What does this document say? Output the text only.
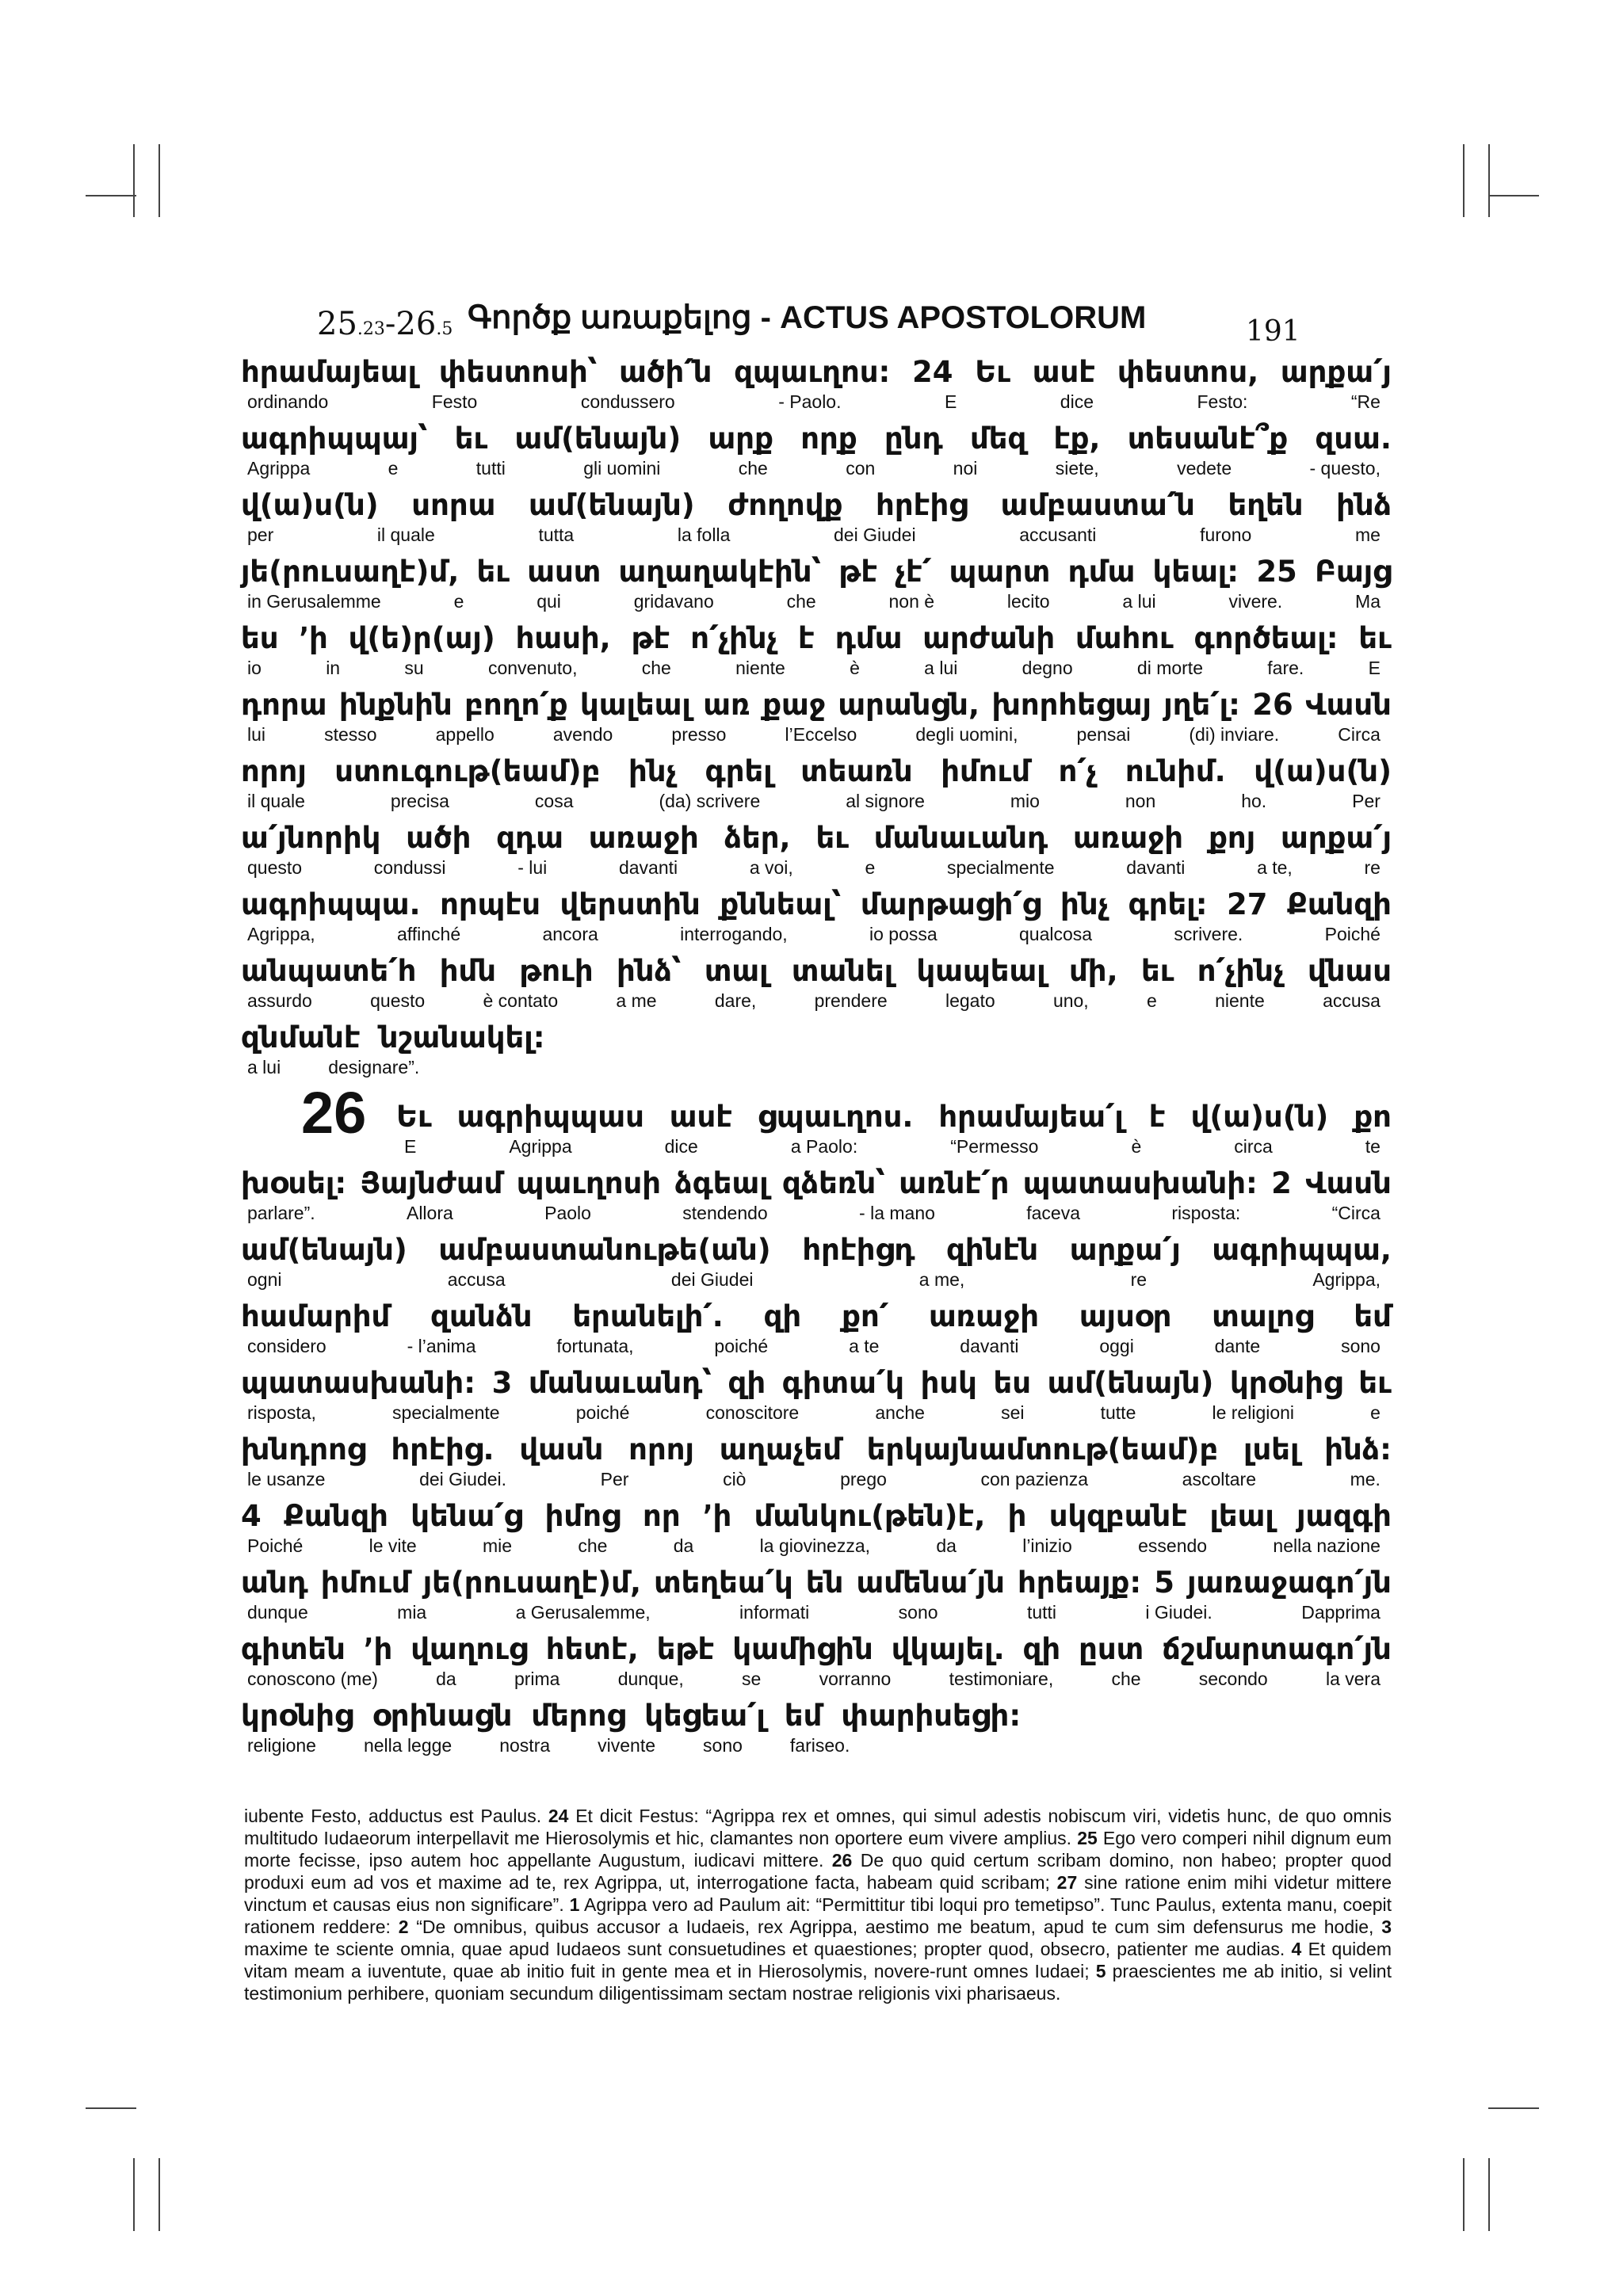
25.23-26.5 Գործք առաքելոց - ACTUS APOSTOLORUM	191
հրամայեալ փեստոսի՝ ածի՛ն զպաւղոս: 24 Եւ ասէ փեստոս, արքա՛յ
ordinando	Festo	condussero	- Paolo.	E	dice	Festo:	“Re
ագրիպպայ՝ եւ ամ(ենայն) արք որք ընդ մեզ էք, տեսանէ՞ք զսա.
Agrippa	e	tutti	gli uomini	che	con	noi	siete,	vedete	- questo,
վ(ա)ս(ն) սորա ամ(ենայն) ժողովք հրէից ամբաստա՛ն եղեն ինձ
per	il quale	tutta	la folla	dei Giudei	accusanti	furono	me
յե(րուսաղէ)մ, եւ աստ աղաղակէին՝ թէ չէ՛ պարտ դմա կեալ: 25 Բայց
in Gerusalemme	e	qui	gridavano	che	non è	lecito	a lui	vivere.	Ma
ես ՚ի վ(ե)ր(այ) հասի, թէ ո՛չինչ է դմա արժանի մահու գործեալ: եւ
io	in	su	convenuto,	che	niente	è	a lui	degno	di morte	fare.	E
դորա ինքնին բողո՛ք կալեալ առ քաջ արանցն, խորհեցայ յղե՛լ: 26 Վասն
lui	stesso	appello	avendo	presso	l’Eccelso	degli uomini,	pensai	(di) inviare.	Circa
որոյ ստուգութ(եամ)բ ինչ գրել տեառն իմում ո՛չ ունիմ. վ(ա)ս(ն)
il quale	precisa	cosa	(da) scrivere	al signore	mio	non	ho.	Per
ա՛յնորիկ ածի զդա առաջի ձեր, եւ մանաւանդ առաջի քոյ արքա՛յ
questo	condussi	- lui	davanti	a voi,	e	specialmente	davanti	a te,	re
ագրիպպա. որպէս վերստին քննեալ՝ մարթացի՛ց ինչ գրել: 27 Քանզի
Agrippa,	affinché	ancora	interrogando,	io possa	qualcosa	scrivere.	Poiché
անպատե՛հ իմն թուի ինձ՝ տալ տանել կապեալ մի, եւ ո՛չինչ վնաս
assurdo	questo	è contato	a me	dare,	prendere	legato	uno,	e	niente	accusa
զնմանէ նշանակել:
a lui	designare”.
26 Եւ ագրիպպաս ասէ ցպաւղոս. հրամայեա՛լ է վ(ա)ս(ն) քո
E	Agrippa	dice	a Paolo:	“Permesso	è	circa	te
խօսել: Յայնժամ պաւղոսի ձգեալ զձեռն՝ առնէ՛ր պատասխանի: 2 Վասն
parlare”.	Allora	Paolo	stendendo	- la mano	faceva	risposta:	“Circa
ամ(ենայն) ամբաստանութե(ան) հրէիցդ զինէն արքա՛յ ագրիպպա,
ogni	accusa	dei Giudei	a me,	re	Agrippa,
համարիմ զանձն երանելի՛. զի քո՛ առաջի այսօր տալոց եմ
considero	- l’anima	fortunata,	poiché	a te	davanti	oggi	dante	sono
պատասխանի: 3 մանաւանդ՝ զի գիտա՛կ իսկ ես ամ(ենայն) կրօնից եւ
risposta,	specialmente	poiché	conoscitore	anche	sei	tutte	le religioni	e
խնդրոց հրէից. վասն որոյ աղաչեմ երկայնամտութ(եամ)բ լսել ինձ:
le usanze	dei Giudei.	Per	ciò	prego	con pazienza	ascoltare	me.
4 Քանզի կենա՛ց իմոց որ ՚ի մանկու(թեն)է, ի սկզբանէ լեալ յազգի
Poiché	le vite	mie	che	da	la giovinezza,	da	l’inizio	essendo	nella nazione
անդ իմում յե(րուսաղէ)մ, տեղեա՛կ են ամենա՛յն հրեայք: 5 յառաջագո՛յն
dunque	mia	a Gerusalemme,	informati	sono	tutti	i Giudei.	Dapprima
գիտեն ՚ի վաղուց հետէ, եթէ կամիցին վկայել. զի ըստ ճշմարտագո՛յն
conoscono (me)	da	prima	dunque,	se	vorranno	testimoniare,	che	secondo	la vera
կրօնից օրինացն մերոց կեցեա՛լ եմ փարիսեցի:
religione	nella legge	nostra	vivente	sono	fariseo.
iubente Festo, adductus est Paulus. 24 Et dicit Festus: “Agrippa rex et omnes, qui simul adestis nobiscum viri, videtis hunc, de quo omnis multitudo Iudaeorum interpellavit me Hierosolymis et hic, clamantes non oportere eum vivere amplius. 25 Ego vero comperi nihil dignum eum morte fecisse, ipso autem hoc appellante Augustum, iudicavi mittere. 26 De quo quid certum scribam domino, non habeo; propter quod produxi eum ad vos et maxime ad te, rex Agrippa, ut, interrogatione facta, habeam quid scribam; 27 sine ratione enim mihi videtur mittere vinctum et causas eius non significare”. 1 Agrippa vero ad Paulum ait: “Permittitur tibi loqui pro temetipso”. Tunc Paulus, extenta manu, coepit rationem reddere: 2 “De omnibus, quibus accusor a Iudaeis, rex Agrippa, aestimo me beatum, apud te cum sim defensurus me hodie, 3 maxime te sciente omnia, quae apud Iudaeos sunt consuetudines et quaestiones; propter quod, obsecro, patienter me audias. 4 Et quidem vitam meam a iuventute, quae ab initio fuit in gente mea et in Hierosolymis, novere-runt omnes Iudaei; 5 praescientes me ab initio, si velint testimonium perhibere, quoniam secundum diligentissimam sectam nostrae religionis vixi pharisaeus.
